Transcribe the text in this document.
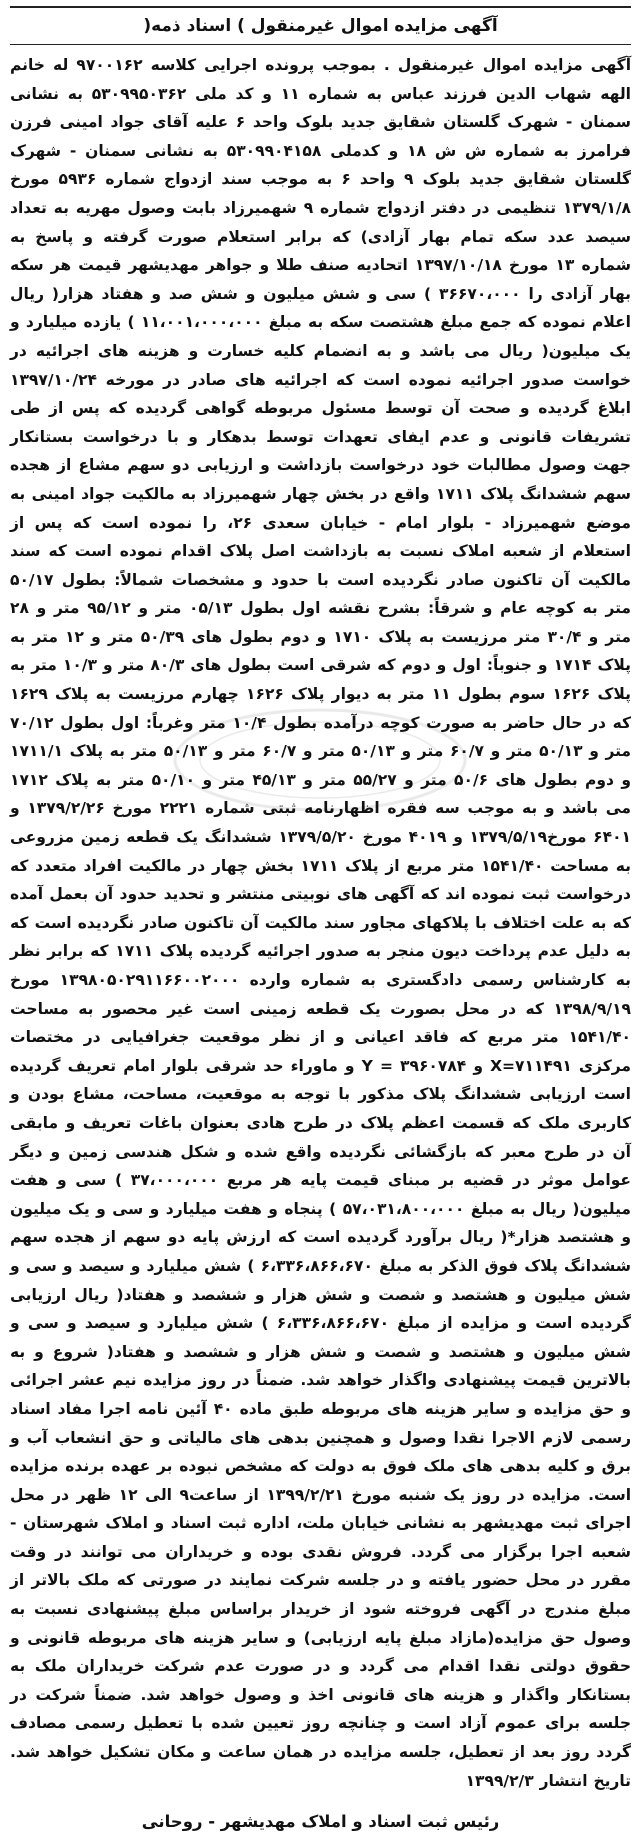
آگهی مزایده اموال غیرمنقول ) اسناد ذمه(
آگهی مزایده اموال غیرمنقول . بموجب پرونده اجرایی کلاسه ۹۷۰۰۱۶۲ له خانم الهه شهاب الدین فرزند عباس به شماره ۱۱ و کد ملی ۵۳۰۹۹۵۰۳۶۲ به نشانی سمنان - شهرک گلستان شقایق جدید بلوک واحد ۶ علیه آقای جواد امینی فرزن فرامرز به شماره ش ش ۱۸ و کدملی ۵۳۰۹۹۰۴۱۵۸ به نشانی سمنان - شهرک گلستان شقایق جدید بلوک ۹ واحد ۶ به موجب سند ازدواج شماره ۵۹۳۶ مورخ ۱۳۷۹/۱/۸ تنظیمی در دفتر ازدواج شماره ۹ شهمیرزاد بابت وصول مهریه به تعداد سیصد عدد سکه تمام بهار آزادی) که برابر استعلام صورت گرفته و پاسخ به شماره ۱۳ مورخ ۱۳۹۷/۱۰/۱۸ اتحادیه صنف طلا و جواهر مهدیشهر قیمت هر سکه بهار آزادی را ۳۶۶۷۰،۰۰۰ ) سی و شش میلیون و شش صد و هفتاد هزار( ریال اعلام نموده که جمع مبلغ هشتصت سکه به مبلغ ۱۱،۰۰۱،۰۰۰،۰۰۰ ) یازده میلیارد و یک میلیون( ریال می باشد و به انضمام کلیه خسارت و هزینه های اجرائیه در خواست صدور اجرائیه نموده است که اجرائیه های صادر در مورخه ۱۳۹۷/۱۰/۲۴ ابلاغ گردیده و صحت آن توسط مسئول مربوطه گواهی گردیده که پس از طی تشریفات قانونی و عدم ایفای تعهدات توسط بدهکار و با درخواست بستانکار جهت وصول مطالبات خود درخواست بازداشت و ارزیابی دو سهم مشاع از هجده سهم ششدانگ پلاک ۱۷۱۱ واقع در بخش چهار شهمیرزاد به مالکیت جواد امینی به موضع شهمیرزاد - بلوار امام - خیابان سعدی ۲۶، را نموده است که پس از استعلام از شعبه املاک نسبت به بازداشت اصل پلاک اقدام نموده است که سند مالکیت آن تاکنون صادر نگردیده است با حدود و مشخصات شمالاً: بطول ۵۰/۱۷ متر به کوچه عام و شرقاً: بشرح نقشه اول بطول ۰۵/۱۳ متر و ۹۵/۱۲ متر و ۲۸ متر و ۳۰/۴ متر مرزیست به پلاک ۱۷۱۰ و دوم بطول های ۵۰/۳۹ متر و ۱۲ متر به پلاک ۱۷۱۴ و جنوباً: اول و دوم که شرقی است بطول های ۸۰/۳ متر و ۱۰/۳ متر به پلاک ۱۶۲۶ سوم بطول ۱۱ متر به دیوار پلاک ۱۶۲۶ چهارم مرزیست به پلاک ۱۶۲۹ که در حال حاضر به صورت کوچه درآمده بطول ۱۰/۴ متر وغرباً: اول بطول ۷۰/۱۲ متر و ۵۰/۱۳ متر و ۶۰/۷ متر و ۵۰/۱۳ متر و ۶۰/۷ متر و ۵۰/۱۳ متر به پلاک ۱۷۱۱/۱ و دوم بطول های ۵۰/۶ متر و ۵۵/۲۷ متر و ۴۵/۱۳ متر و ۵۰/۱۰ متر به پلاک ۱۷۱۲ می باشد و به موجب سه فقره اظهارنامه ثبتی شماره ۲۲۲۱ مورخ ۱۳۷۹/۲/۲۶ و ۶۴۰۱ مورخ۱۳۷۹/۵/۱۹ و ۴۰۱۹ مورخ ۱۳۷۹/۵/۲۰ ششدانگ یک قطعه زمین مزروعی به مساحت ۱۵۴۱/۴۰ متر مربع از پلاک ۱۷۱۱ بخش چهار در مالکیت افراد متعدد که درخواست ثبت نموده اند که آگهی های نوبیتی منتشر و تحدید حدود آن بعمل آمده که به علت اختلاف با پلاکهای مجاور سند مالکیت آن تاکنون صادر نگردیده است که به دلیل عدم پرداخت دیون منجر به صدور اجرائیه گردیده پلاک ۱۷۱۱ که برابر نظر به کارشناس رسمی دادگستری به شماره وارده ۱۳۹۸۰۵۰۲۹۱۱۶۶۰۰۲۰۰۰ مورخ ۱۳۹۸/۹/۱۹ که در محل بصورت یک قطعه زمینی است غیر محصور به مساحت ۱۵۴۱/۴۰ متر مربع که فاقد اعیانی و از نظر موقعیت جغرافیایی در مختصات مرکزی X=۷۱۱۴۹۱ و Y = ۳۹۶۰۷۸۴ و ماوراء حد شرقی بلوار امام تعریف گردیده است ارزیابی ششدانگ پلاک مذکور با توجه به موقعیت، مساحت، مشاع بودن و کاربری ملک که قسمت اعظم پلاک در طرح هادی بعنوان باغات تعریف و مابقی آن در طرح معبر که بازگشائی نگردیده واقع شده و شکل هندسی زمین و دیگر عوامل موثر در قضیه بر مبنای قیمت پایه هر مربع ۳۷،۰۰۰،۰۰۰ ) سی و هفت میلیون( ریال به مبلغ ۵۷،۰۳۱،۸۰۰،۰۰۰ ) پنجاه و هفت میلیارد و سی و یک میلیون و هشتصد هزار*( ریال برآورد گردیده است که ارزش پایه دو سهم از هجده سهم ششدانگ پلاک فوق الذکر به مبلغ ۶،۳۳۶،۸۶۶،۶۷۰ ) شش میلیارد و سیصد و سی و شش میلیون و هشتصد و شصت و شش هزار و ششصد و هفتاد( ریال ارزیابی گردیده است و مزایده از مبلغ ۶،۳۳۶،۸۶۶،۶۷۰ ) شش میلیارد و سیصد و سی و شش میلیون و هشتصد و شصت و شش هزار و ششصد و هفتاد( شروع و به بالاترین قیمت پیشنهادی واگذار خواهد شد. ضمناً در روز مزایده نیم عشر اجرائی و حق مزایده و سایر هزینه های مربوطه طبق ماده ۴۰ آئین نامه اجرا مفاد اسناد رسمی لازم الاجرا نقدا وصول و همچنین بدهی های مالیاتی و حق انشعاب آب و برق و کلیه بدهی های ملک فوق به دولت که مشخص نبوده بر عهده برنده مزایده است. مزایده در روز یک شنبه مورخ ۱۳۹۹/۲/۲۱ از ساعت۹ الی ۱۲ ظهر در محل اجرای ثبت مهدیشهر به نشانی خیابان ملت، اداره ثبت اسناد و املاک شهرستان - شعبه اجرا برگزار می گردد. فروش نقدی بوده و خریداران می توانند در وقت مقرر در محل حضور یافته و در جلسه شرکت نمایند در صورتی که ملک بالاتر از مبلغ مندرج در آگهی فروخته شود از خریدار براساس مبلغ پیشنهادی نسبت به وصول حق مزایده(مازاد مبلغ پایه ارزیابی) و سایر هزینه های مربوطه قانونی و حقوق دولتی نقدا اقدام می گردد و در صورت عدم شرکت خریداران ملک به بستانکار واگذار و هزینه های قانونی اخذ و وصول خواهد شد. ضمناً شرکت در جلسه برای عموم آزاد است و چنانچه روز تعیین شده با تعطیل رسمی مصادف گردد روز بعد از تعطیل، جلسه مزایده در همان ساعت و مکان تشکیل خواهد شد. تاریخ انتشار ۱۳۹۹/۲/۳
رئیس ثبت اسناد و املاک مهدیشهر - روحانی
